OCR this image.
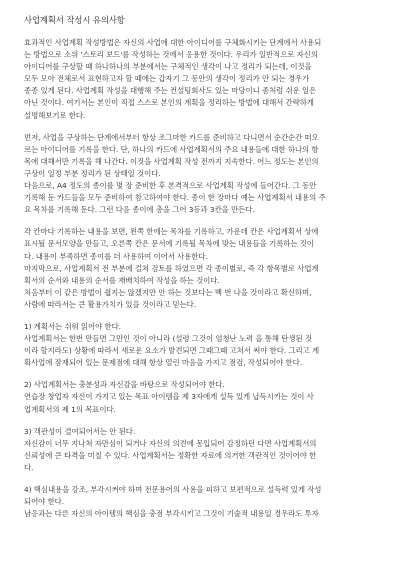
사업계획서 작성시 유의사항
효과적인 사업계획 작성방법은 자신의 사업에 대한 아이디어를 구체화시키는 단계에서 사용되
는 방법으로 소위 '스토리 보드'를 작성하는 것에서 응용한 것이다. 우리가 일반적으로 자신의
아이디어를 구상할 때 하나하나의 부분에서는 구체적인 생각이 나고 정리가 되는데, 이것을
모두 모아 전체로서 표현하고자 할 때에는 갑자기 그 동안의 생각이 정리가 안 되는 경우가
종종 있게 된다. 사업계획 작성을 대행해 주는 컨설팅회사도 있는 마당이니 좀처럼 쉬운 일은
아닌 것이다. 여기서는 본인이 직접 스스로 본인의 계획을 정리하는 방법에 대해서 간략하게
설명해보기로 한다.
먼저, 사업을 구상하는 단계에서부터 항상 조그마한 카드를 준비하고 다니면서 순간순간 떠오
르는 아이디어를 기록을 한다. 단, 하나의 카드에 사업계획서의 주요 내용들에 대한 하나의 항
목에 대해서만 기록을 해 나간다. 이것을 사업계획 작성 전까지 지속한다. 어느 정도는 본인의
구상이 일정 부분 정리가 된 상태일 것이다.
다음으로, A4 정도의 종이를 몇 장 준비한 후 본격적으로 사업계획 작성에 들어간다. 그 동안
기록해 둔 카드들을 모두 준비하여 참고하여야 한다. 종이 한 장마다 예는 사업계획서 내용의 주
요 목차를 기록해 둔다. 그런 다음 종이에 총을 그어 3등과 3칸을 만든다.
각 칸마다 기록하는 내용을 보면, 왼쪽 한에는 목차를 기록하고, 가운데 칸은 사업계획서 상에
표시될 문서모양을 만들고, 오른쪽 칸은 문서에 기록될 목차에 맞는 내용들을 기록하는 것이
다. 내용이 부족하면 종이를 더 사용하여 이어서 사용한다.
마지막으로, 사업계획서 전 부분에 걸쳐 검토를 하였으면 각 종이별로, 즉 각 항목별로 사업계
획서의 순서와 내용의 순서를 재배치하여 작성을 하는 것이다.
처음부터 이 같은 방법이 쉽지는 않겠지만 안 하는 것보다는 백 번 나을 것이라고 확신하며,
사람에 따라서는 큰 활용가치가 있을 것이라고 믿는다.
1) 계획서는 쉬워 읽어야 한다.
사업계획서는 한번 만들면 그만인 것이 아니라 (설령 그것이 엄청난 노력 을 통해 탄생된 것
이라 할지라도) 상황에 따라서 새로운 요소가 발견되면 그때그때 고쳐서 써야 한다. 그리고 계
획사업에 잠재되어 있는 문제점에 대해 항상 열린 마음을 가지고 점검, 작성되어야 한다.
2) 사업계획서는 충분성과 자신감을 바탕으로 작성되어야 한다.
연습장 창업자 자신이 가지고 있는 목표 아이템을 제 3자에게 설득 있게 납득시키는 것이 사
업계획서의 제 1의 목표이다.
3) 객관성이 결여되어서는 안 된다.
자신감이 너무 지나쳐 자만심이 되거나 자신의 의견에 몽입되어 감정하던 다면 사업계획서의
신뢰성에 큰 타격을 미칠 수 있다. 사업계획서는 정확한 자료에 의거한 객관적인 것이어야 한
다.
4) 핵심내용을 강조, 부각시켜야 하며 전문용어의 사용을 피하고 보편적으로 설득력 있게 작성
되어야 한다.
남응과는 다른 자신의 아이템의 핵심을 충점 부각시키고 그것이 기술적 내용일 경우라도 투자
